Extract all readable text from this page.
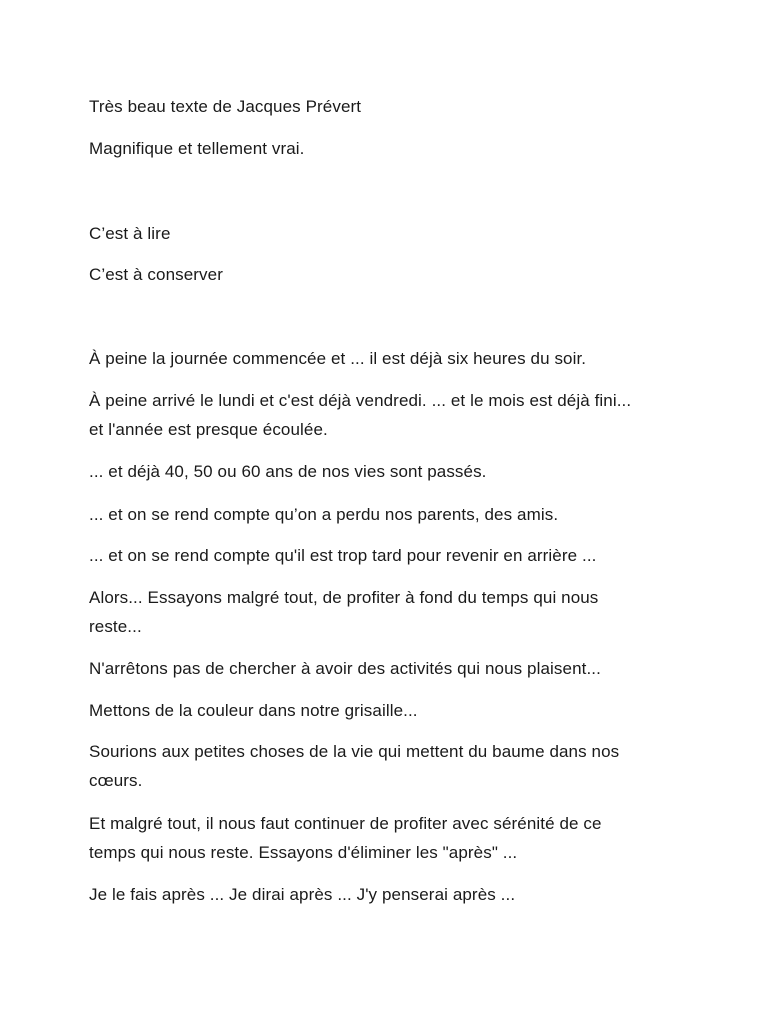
Très beau texte de Jacques Prévert

Magnifique et tellement vrai.

C’est à lire

C’est à conserver

À peine la journée commencée et ... il est déjà six heures du soir.

À peine arrivé le lundi et c'est déjà vendredi. ... et le mois est déjà fini...
et l'année est presque écoulée.

... et déjà 40, 50 ou 60 ans de nos vies sont passés.

... et on se rend compte qu’on a perdu nos parents, des amis.

... et on se rend compte qu'il est trop tard pour revenir en arrière ...

Alors... Essayons malgré tout, de profiter à fond du temps qui nous
reste...

N'arrêtons pas de chercher à avoir des activités qui nous plaisent...

Mettons de la couleur dans notre grisaille...

Sourions aux petites choses de la vie qui mettent du baume dans nos
cœurs.

Et malgré tout, il nous faut continuer de profiter avec sérénité de ce
temps qui nous reste. Essayons d'éliminer les "après" ...

Je le fais après ... Je dirai après ... J'y penserai après ...
